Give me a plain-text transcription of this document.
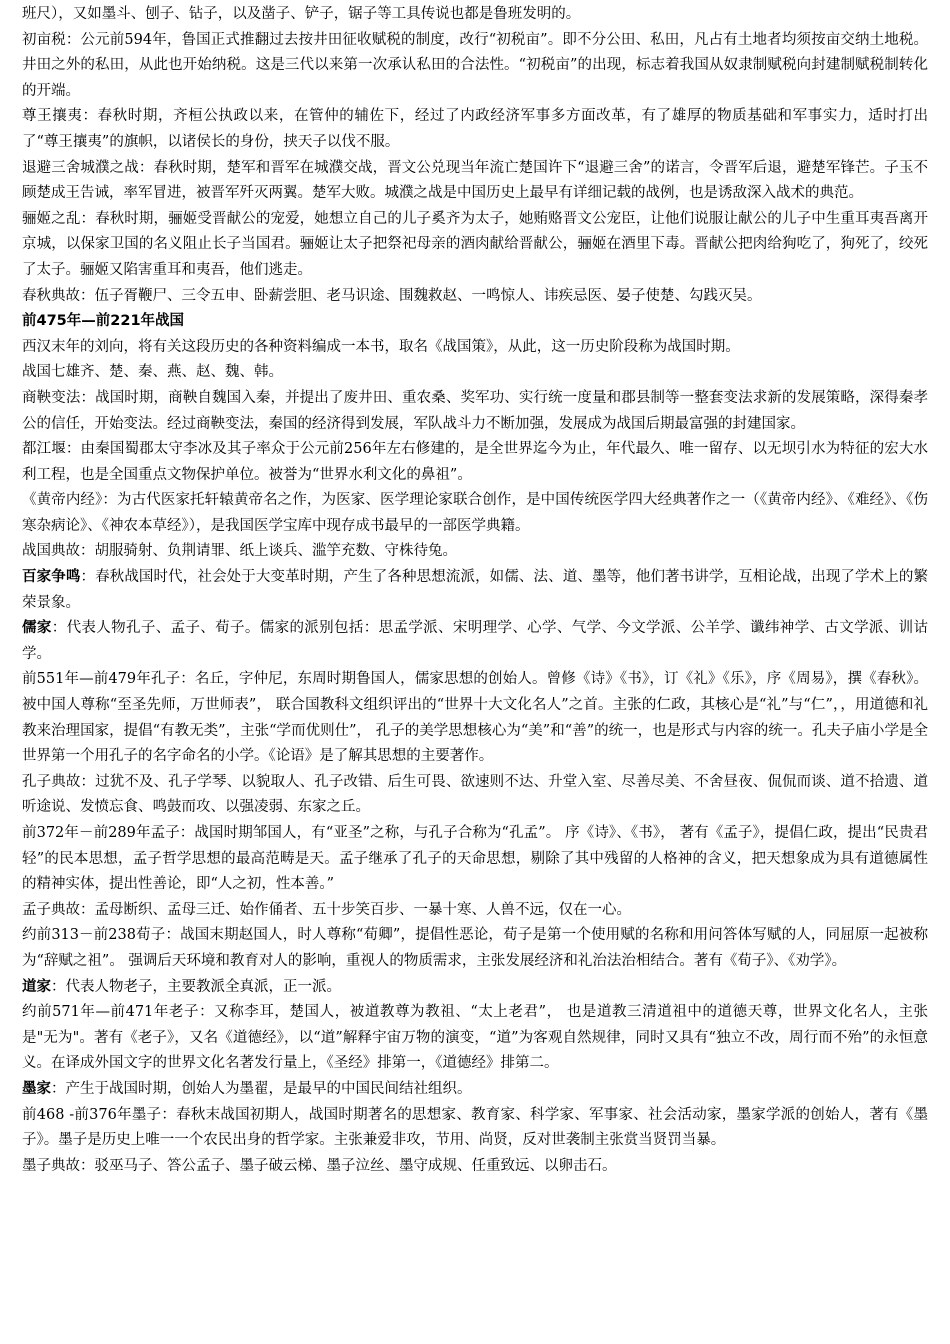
班尺），又如墨斗、刨子、钻子，以及凿子、铲子，锯子等工具传说也都是鲁班发明的。

初亩税：公元前594年，鲁国正式推翻过去按井田征收赋税的制度，改行“初税亩”。即不分公田、私田，凡占有土地者均须按亩交纳土地税。井田之外的私田，从此也开始纳税。这是三代以来第一次承认私田的合法性。“初税亩”的出现，标志着我国从奴隶制赋税向封建制赋税制转化的开端。

尊王攘夷：春秋时期，齐桓公执政以来，在管仲的辅佐下，经过了内政经济军事多方面改革，有了雄厚的物质基础和军事实力，适时打出了“尊王攘夷”的旗帜，以诸侯长的身份，挟天子以伐不服。

退避三舍城濮之战：春秋时期，楚军和晋军在城濮交战，晋文公兑现当年流亡楚国许下“退避三舍”的诺言，令晋军后退，避楚军锋芒。子玉不顾楚成王告诫，率军冒进，被晋军歼灭两翼。楚军大败。城濮之战是中国历史上最早有详细记载的战例，也是诱敌深入战术的典范。

骊姬之乱：春秋时期，骊姬受晋献公的宠爱，她想立自己的儿子奚齐为太子，她贿赂晋文公宠臣，让他们说服让献公的儿子中生重耳夷吾离开京城，以保家卫国的名义阻止长子当国君。骊姬让太子把祭祀母亲的酒肉献给晋献公，骊姬在酒里下毒。晋献公把肉给狗吃了，狗死了，绞死了太子。骊姬又陷害重耳和夷吾，他们逃走。

春秋典故：伍子胥鞭尸、三令五申、卧薪尝胆、老马识途、围魏救赵、一鸣惊人、讳疾忌医、晏子使楚、勾践灭吴。

前475年—前221年战国

西汉末年的刘向，将有关这段历史的各种资料编成一本书，取名《战国策》，从此，这一历史阶段称为战国时期。

战国七雄齐、楚、秦、燕、赵、魏、韩。

商鞅变法：战国时期，商鞅自魏国入秦，并提出了废井田、重农桑、奖军功、实行统一度量和郡县制等一整套变法求新的发展策略，深得秦孝公的信任，开始变法。经过商鞅变法，秦国的经济得到发展，军队战斗力不断加强，发展成为战国后期最富强的封建国家。

都江堰：由秦国蜀郡太守李冰及其子率众于公元前256年左右修建的，是全世界迄今为止，年代最久、唯一留存、以无坝引水为特征的宏大水利工程，也是全国重点文物保护单位。被誉为“世界水利文化的鼻祖”。

《黄帝内经》：为古代医家托轩辕黄帝名之作，为医家、医学理论家联合创作，是中国传统医学四大经典著作之一（《黄帝内经》、《难经》、《伤寒杂病论》、《神农本草经》），是我国医学宝库中现存成书最早的一部医学典籍。

战国典故：胡服骑射、负荆请罪、纸上谈兵、滥竽充数、守株待兔。

百家争鸣：春秋战国时代，社会处于大变革时期，产生了各种思想流派，如儒、法、道、墨等，他们著书讲学，互相论战，出现了学术上的繁荣景象。

儒家：代表人物孔子、孟子、荀子。儒家的派别包括：思孟学派、宋明理学、心学、气学、今文学派、公羊学、谶纬神学、古文学派、训诂学。

前551年—前479年孔子：名丘，字仲尼，东周时期鲁国人，儒家思想的创始人。曾修《诗》《书》，订《礼》《乐》，序《周易》，撰《春秋》。被中国人尊称“至圣先师，万世师表”， 联合国教科文组织评出的“世界十大文化名人”之首。主张的仁政，其核心是“礼”与“仁”，，用道德和礼教来治理国家，提倡“有教无类”，主张“学而优则仕”， 孔子的美学思想核心为“美”和“善”的统一，也是形式与内容的统一。孔夫子庙小学是全世界第一个用孔子的名字命名的小学。《论语》是了解其思想的主要著作。

孔子典故：过犹不及、孔子学琴、以貌取人、孔子改错、后生可畏、欲速则不达、升堂入室、尽善尽美、不舍昼夜、侃侃而谈、道不拾遗、道听途说、发愤忘食、鸣鼓而攻、以强凌弱、东家之丘。

前372年－前289年孟子：战国时期邹国人，有“亚圣”之称，与孔子合称为“孔孟”。 序《诗》、《书》， 著有《孟子》，提倡仁政，提出“民贵君轻”的民本思想，孟子哲学思想的最高范畴是天。孟子继承了孔子的天命思想，剔除了其中残留的人格神的含义，把天想象成为具有道德属性的精神实体，提出性善论，即“人之初，性本善。”

孟子典故：孟母断织、孟母三迁、始作俑者、五十步笑百步、一暴十寒、人兽不远，仅在一心。

约前313－前238荀子：战国末期赵国人，时人尊称“荀卿”，提倡性恶论，荀子是第一个使用赋的名称和用问答体写赋的人，同屈原一起被称为“辞赋之祖”。 强调后天环境和教育对人的影响，重视人的物质需求，主张发展经济和礼治法治相结合。著有《荀子》、《劝学》。

道家：代表人物老子，主要教派全真派，正一派。

约前571年—前471年老子：又称李耳，楚国人，被道教尊为教祖、“太上老君”， 也是道教三清道祖中的道德天尊，世界文化名人，主张是"无为"。著有《老子》，又名《道德经》，以“道”解释宇宙万物的演变，“道”为客观自然规律，同时又具有“独立不改，周行而不殆”的永恒意义。在译成外国文字的世界文化名著发行量上，《圣经》排第一，《道德经》排第二。

墨家：产生于战国时期，创始人为墨翟，是最早的中国民间结社组织。

前468 -前376年墨子：春秋末战国初期人，战国时期著名的思想家、教育家、科学家、军事家、社会活动家，墨家学派的创始人，著有《墨子》。墨子是历史上唯一一个农民出身的哲学家。主张兼爱非攻，节用、尚贤，反对世袭制主张赏当贤罚当暴。

墨子典故：驳巫马子、答公孟子、墨子破云梯、墨子泣丝、墨守成规、任重致远、以卵击石。
